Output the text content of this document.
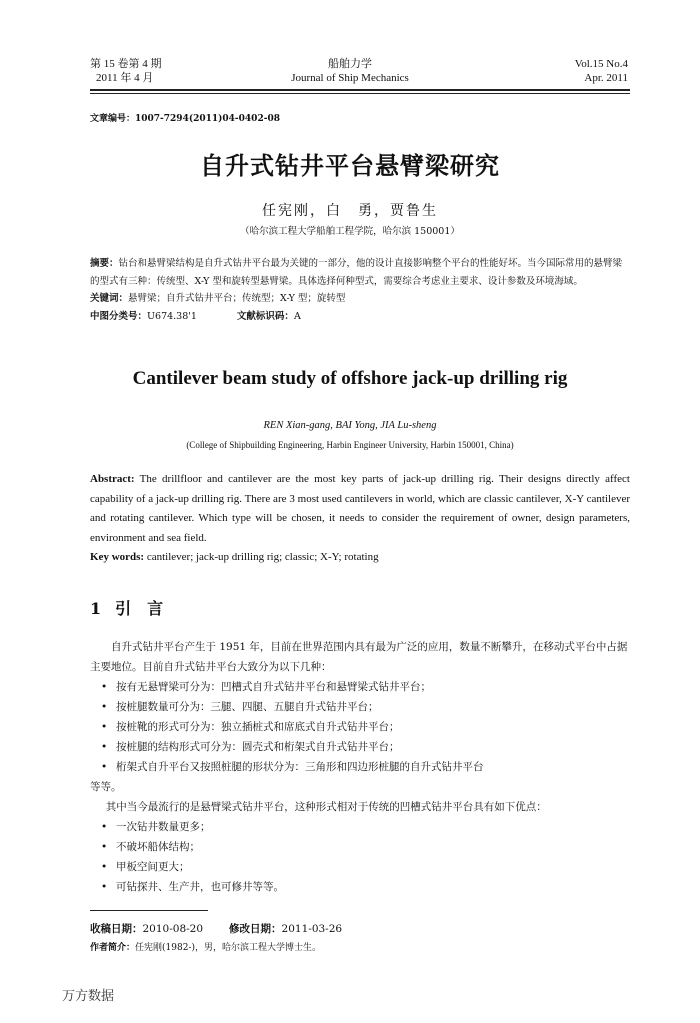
第 15 卷第 4 期
2011 年 4 月
船舶力学
Journal of Ship Mechanics
Vol.15 No.4
Apr. 2011
文章编号：1007-7294(2011)04-0402-08
自升式钻井平台悬臂梁研究
任宪刚，白　勇，贾鲁生
（哈尔滨工程大学船舶工程学院，哈尔滨 150001）

摘要：钻台和悬臂梁结构是自升式钻井平台最为关键的一部分，他的设计直接影响整个平台的性能好坏。当今国际常用的悬臂梁的型式有三种：传统型、X-Y 型和旋转型悬臂梁。具体选择何种型式，需要综合考虑业主要求、设计参数及环境海域。

关键词：悬臂梁；自升式钻井平台；传统型；X-Y 型；旋转型

中图分类号：U674.38'1	文献标识码：A

Cantilever beam study of offshore jack-up drilling rig
REN Xian-gang, BAI Yong, JIA Lu-sheng
(College of Shipbuilding Engineering, Harbin Engineer University, Harbin 150001, China)

Abstract: The drillfloor and cantilever are the most key parts of jack-up drilling rig. Their designs directly affect capability of a jack-up drilling rig. There are 3 most used cantilevers in world, which are classic cantilever, X-Y cantilever and rotating cantilever. Which type will be chosen, it needs to consider the requirement of owner, design parameters, environment and sea field.

Key words: cantilever; jack-up drilling rig; classic; X-Y; rotating

1 引　言

自升式钻井平台产生于 1951 年，目前在世界范围内具有最为广泛的应用，数量不断攀升，在移动式平台中占据主要地位。目前自升式钻井平台大致分为以下几种：

• 按有无悬臂梁可分为：凹槽式自升式钻井平台和悬臂梁式钻井平台；

• 按桩腿数量可分为：三腿、四腿、五腿自升式钻井平台；

• 按桩靴的形式可分为：独立插桩式和席底式自升式钻井平台；

• 按桩腿的结构形式可分为：圆壳式和桁架式自升式钻井平台；

• 桁架式自升平台又按照桩腿的形状分为：三角形和四边形桩腿的自升式钻井平台

等等。

其中当今最流行的是悬臂梁式钻井平台，这种形式相对于传统的凹槽式钻井平台具有如下优点：

• 一次钻井数量更多；

• 不破坏船体结构；

• 甲板空间更大；

• 可钻探井、生产井，也可修井等等。

收稿日期：2010-08-20 修改日期：2011-03-26

作者简介：任宪刚(1982-)，男，哈尔滨工程大学博士生。

万方数据
